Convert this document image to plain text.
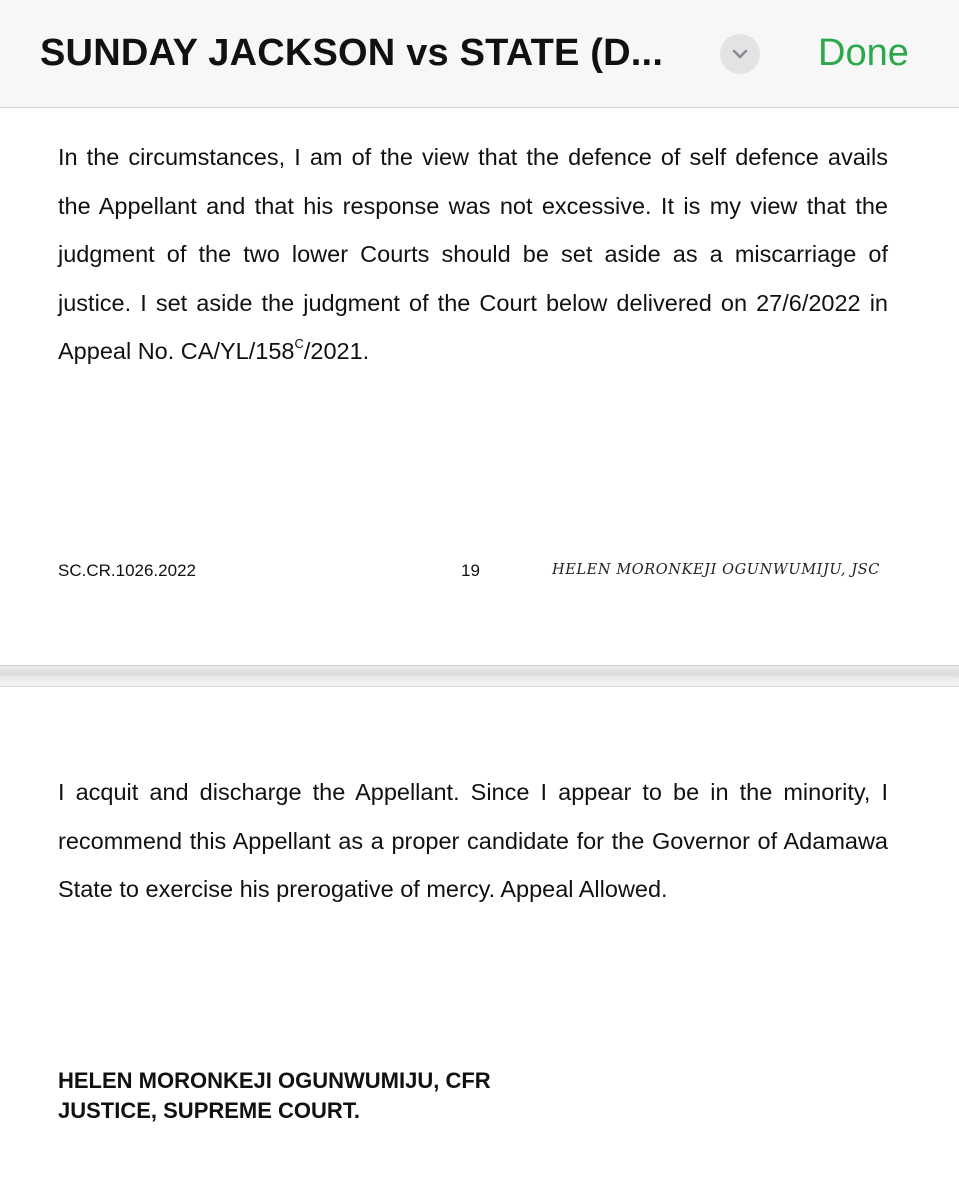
SUNDAY JACKSON vs STATE (D...	Done

In the circumstances, I am of the view that the defence of self defence avails the Appellant and that his response was not excessive. It is my view that the judgment of the two lower Courts should be set aside as a miscarriage of justice. I set aside the judgment of the Court below delivered on 27/6/2022 in Appeal No. $CA/YL/158^C/2021$.

SC.CR.1026.2022	19	HELEN MORONKEJI OGUNWUMIJU, JSC

I acquit and discharge the Appellant. Since I appear to be in the minority, I recommend this Appellant as a proper candidate for the Governor of Adamawa State to exercise his prerogative of mercy. Appeal Allowed.

HELEN MORONKEJI OGUNWUMIJU, CFR
JUSTICE, SUPREME COURT.
